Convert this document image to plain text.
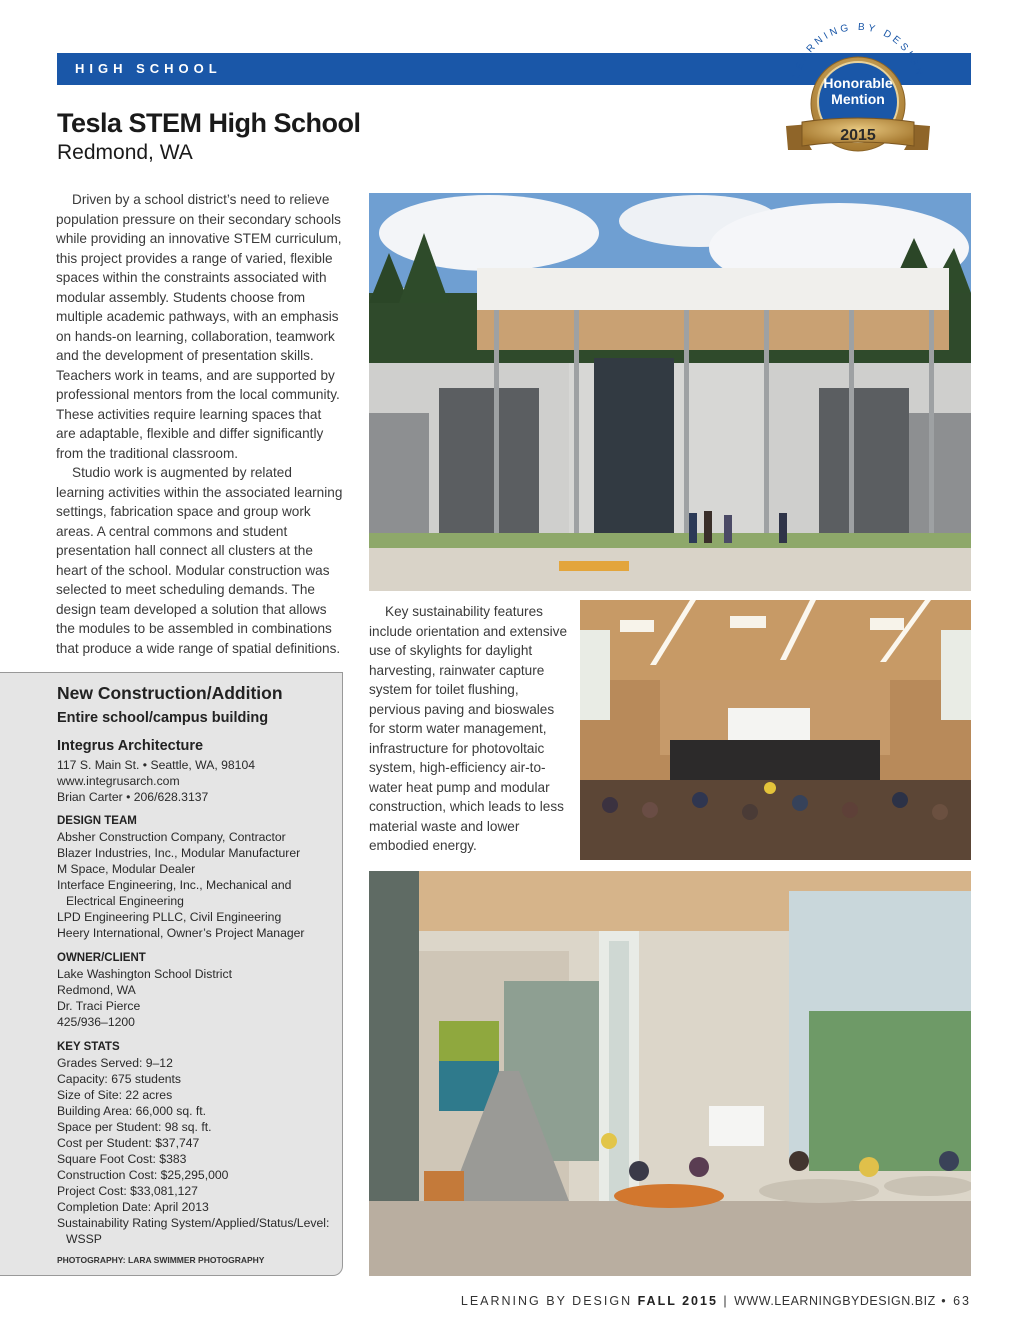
HIGH SCHOOL	LEARNING BY DESIGN
Honorable
Mention
2015
Tesla STEM High School
Redmond, WA

Driven by a school district’s need to relieve population pressure on their secondary schools while providing an innovative STEM curriculum, this project provides a range of varied, flexible spaces within the constraints associated with modular assembly. Students choose from multiple academic pathways, with an emphasis on hands-on learning, collaboration, teamwork and the development of presentation skills. Teachers work in teams, and are supported by professional mentors from the local community. These activities require learning spaces that are adaptable, flexible and differ significantly from the traditional classroom.

Studio work is augmented by related learning activities within the associated learning settings, fabrication space and group work areas. A central commons and student presentation hall connect all clusters at the heart of the school. Modular construction was selected to meet scheduling demands. The design team developed a solution that allows the modules to be assembled in combinations that produce a wide range of spatial definitions.

Key sustainability features include orientation and extensive use of skylights for daylight harvesting, rainwater capture system for toilet flushing, pervious paving and bioswales for storm water management, infrastructure for photovoltaic system, high-efficiency air-to-water heat pump and modular construction, which leads to less material waste and lower embodied energy.

New Construction/Addition
Entire school/campus building
Integrus Architecture
117 S. Main St. • Seattle, WA, 98104
www.integrusarch.com
Brian Carter • 206/628.3137
DESIGN TEAM
Absher Construction Company, Contractor
Blazer Industries, Inc., Modular Manufacturer
M Space, Modular Dealer
Interface Engineering, Inc., Mechanical and
Electrical Engineering
LPD Engineering PLLC, Civil Engineering
Heery International, Owner’s Project Manager
OWNER/CLIENT
Lake Washington School District
Redmond, WA
Dr. Traci Pierce
425/936–1200
KEY STATS
Grades Served: 9–12
Capacity: 675 students
Size of Site: 22 acres
Building Area: 66,000 sq. ft.
Space per Student: 98 sq. ft.
Cost per Student: $37,747
Square Foot Cost: $383
Construction Cost: $25,295,000
Project Cost: $33,081,127
Completion Date: April 2013
Sustainability Rating System/Applied/Status/Level:
WSSP
PHOTOGRAPHY: LARA SWIMMER PHOTOGRAPHY
LEARNING BY DESIGN FALL 2015 | WWW.LEARNINGBYDESIGN.BIZ • 63
